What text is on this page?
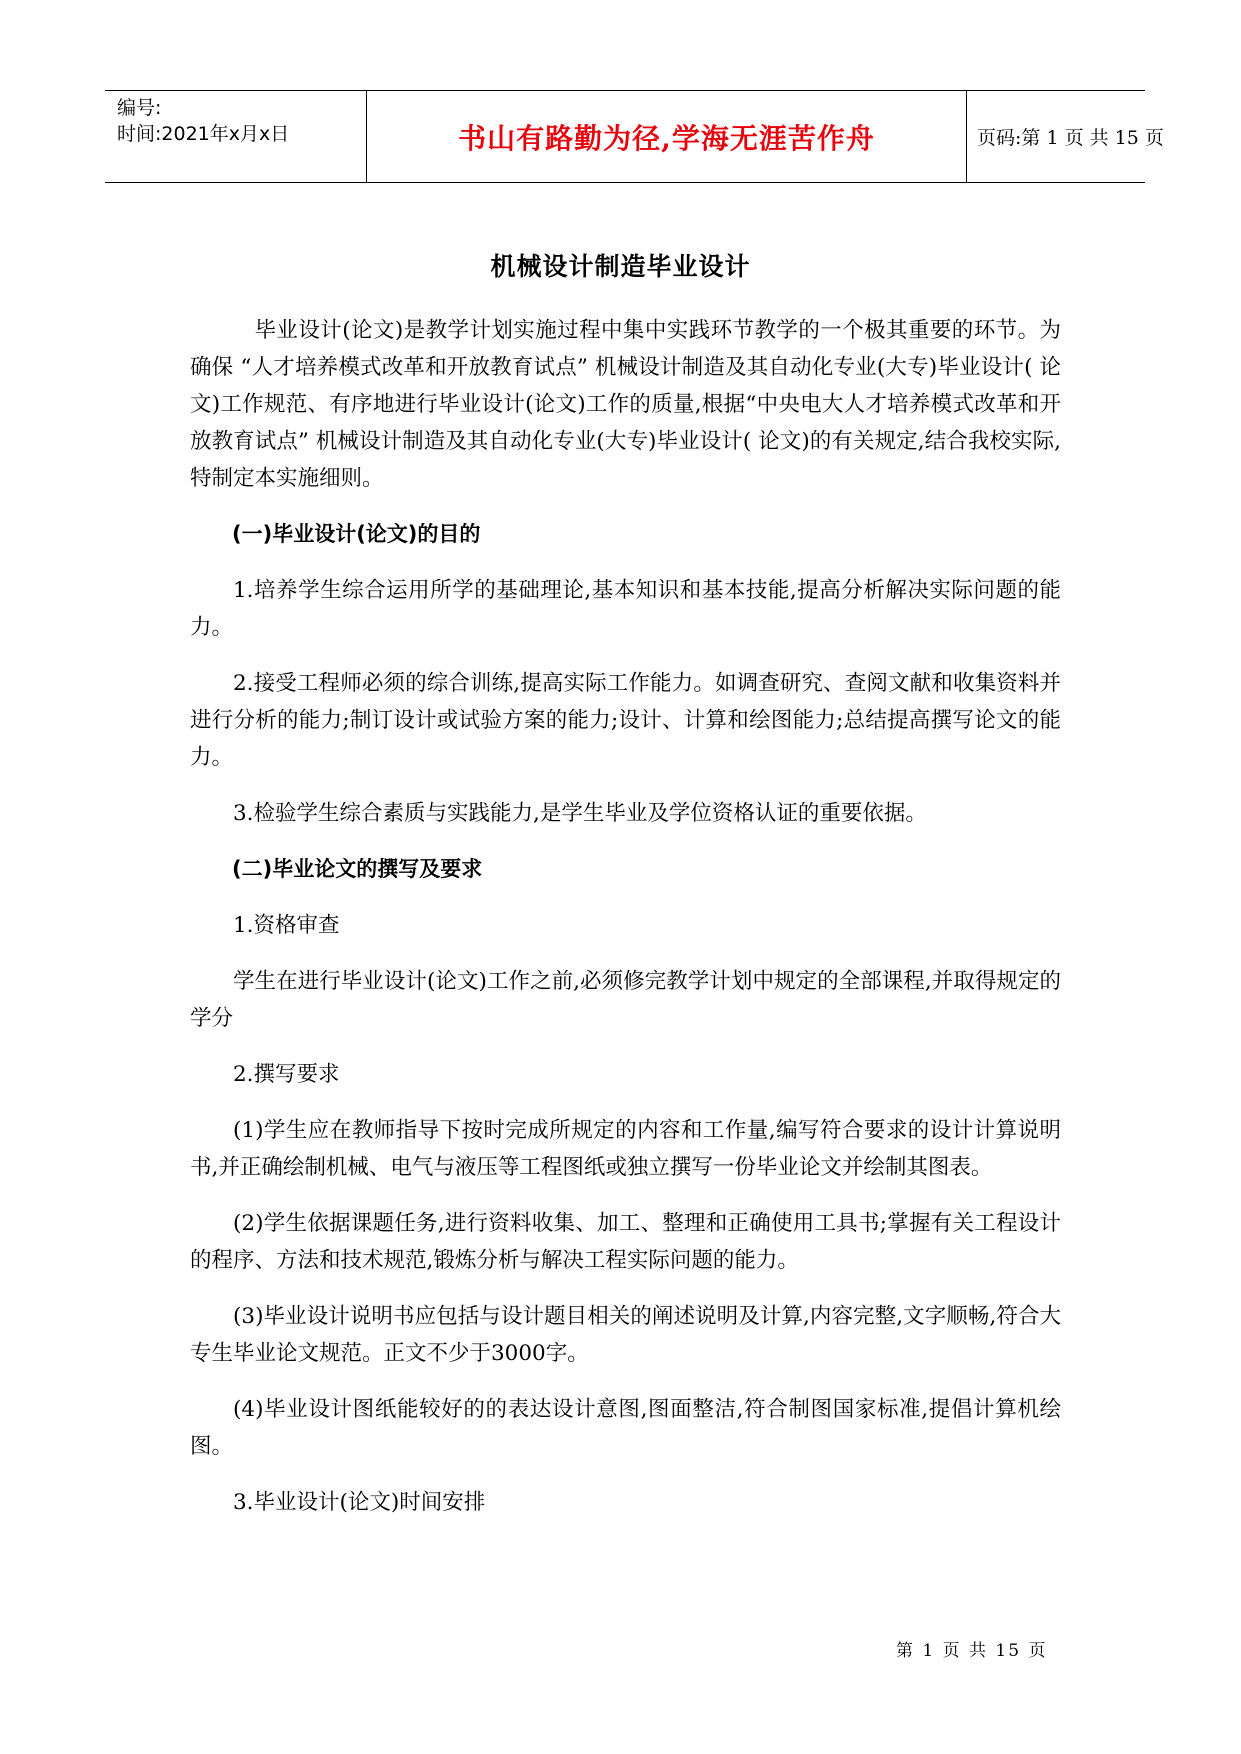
编号:
时间:2021年x月x日	书山有路勤为径,学海无涯苦作舟	页码:第 1 页 共 15 页
机械设计制造毕业设计

毕业设计(论文)是教学计划实施过程中集中实践环节教学的一个极其重要的环节。为确保 “人才培养模式改革和开放教育试点” 机械设计制造及其自动化专业(大专)毕业设计( 论文)工作规范、有序地进行毕业设计(论文)工作的质量,根据“中央电大人才培养模式改革和开放教育试点” 机械设计制造及其自动化专业(大专)毕业设计( 论文)的有关规定,结合我校实际,特制定本实施细则。

(一)毕业设计(论文)的目的

1.培养学生综合运用所学的基础理论,基本知识和基本技能,提高分析解决实际问题的能力。

2.接受工程师必须的综合训练,提高实际工作能力。如调查研究、查阅文献和收集资料并进行分析的能力;制订设计或试验方案的能力;设计、计算和绘图能力;总结提高撰写论文的能力。

3.检验学生综合素质与实践能力,是学生毕业及学位资格认证的重要依据。

(二)毕业论文的撰写及要求

1.资格审查

学生在进行毕业设计(论文)工作之前,必须修完教学计划中规定的全部课程,并取得规定的学分

2.撰写要求

(1)学生应在教师指导下按时完成所规定的内容和工作量,编写符合要求的设计计算说明书,并正确绘制机械、电气与液压等工程图纸或独立撰写一份毕业论文并绘制其图表。

(2)学生依据课题任务,进行资料收集、加工、整理和正确使用工具书;掌握有关工程设计的程序、方法和技术规范,锻炼分析与解决工程实际问题的能力。

(3)毕业设计说明书应包括与设计题目相关的阐述说明及计算,内容完整,文字顺畅,符合大专生毕业论文规范。正文不少于3000字。

(4)毕业设计图纸能较好的的表达设计意图,图面整洁,符合制图国家标准,提倡计算机绘图。

3.毕业设计(论文)时间安排

第 1 页 共 15 页
